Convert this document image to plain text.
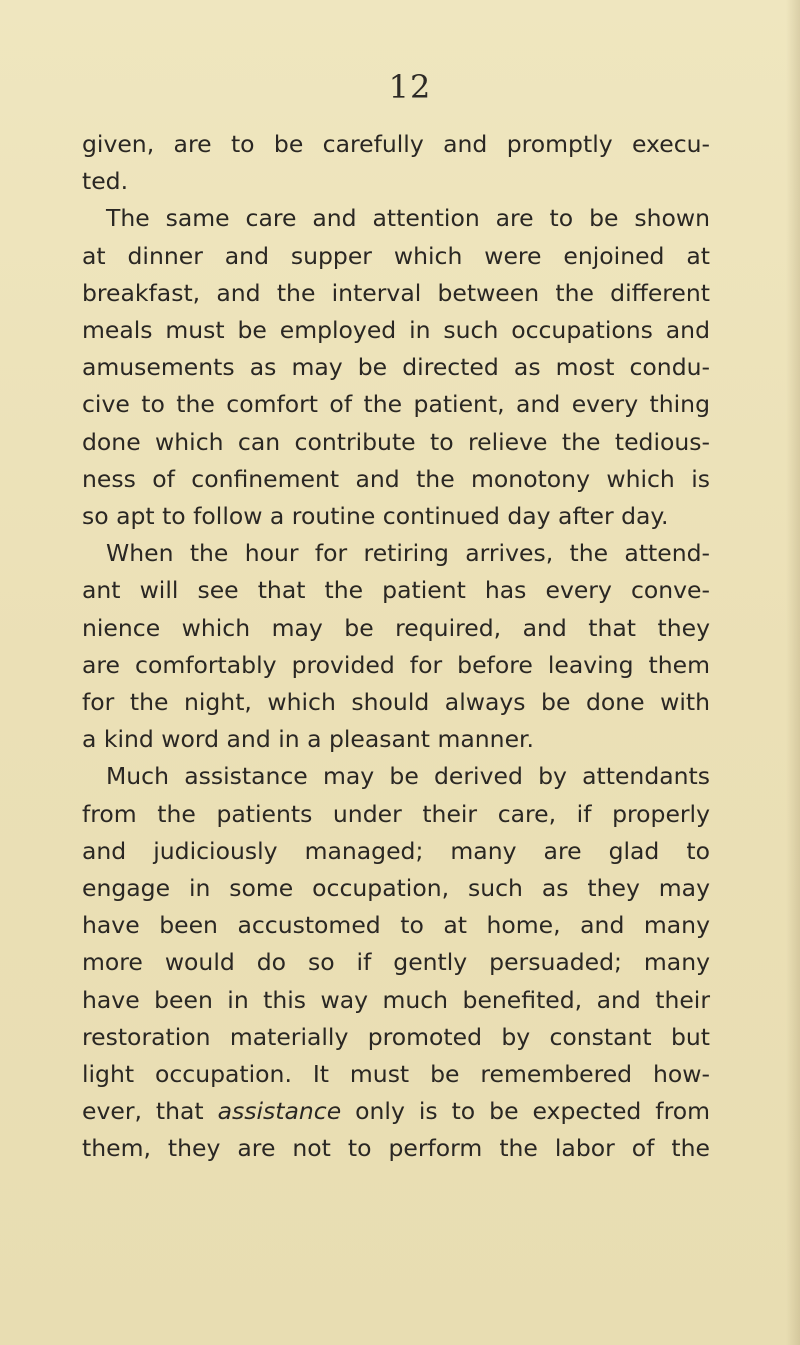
12
given, are to be carefully and promptly execu-
ted.
The same care and attention are to be shown
at dinner and supper which were enjoined at
breakfast, and the interval between the different
meals must be employed in such occupations and
amusements as may be directed as most condu-
cive to the comfort of the patient, and every thing
done which can contribute to relieve the tedious-
ness of confinement and the monotony which is
so apt to follow a routine continued day after day.
When the hour for retiring arrives, the attend-
ant will see that the patient has every conve-
nience which may be required, and that they
are comfortably provided for before leaving them
for the night, which should always be done with
a kind word and in a pleasant manner.
Much assistance may be derived by attendants
from the patients under their care, if properly
and judiciously managed; many are glad to
engage in some occupation, such as they may
have been accustomed to at home, and many
more would do so if gently persuaded; many
have been in this way much benefited, and their
restoration materially promoted by constant but
light occupation. It must be remembered how-
ever, that assistance only is to be expected from
them, they are not to perform the labor of the
